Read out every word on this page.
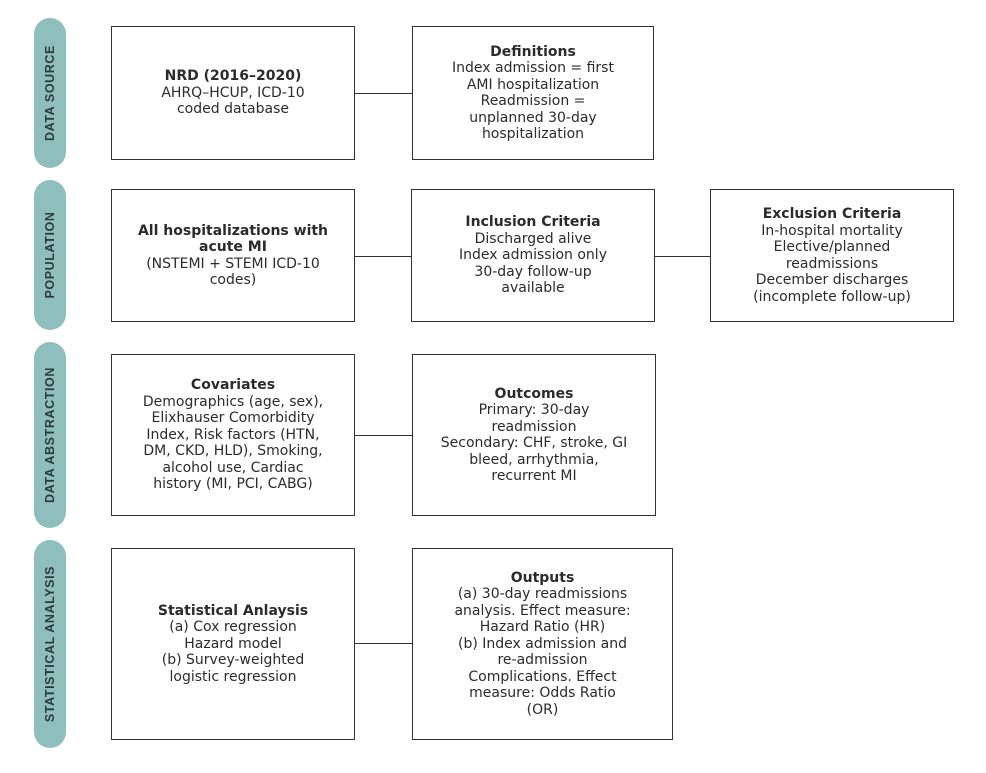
DATA SOURCE
POPULATION
DATA ABSTRACTION
STATISTICAL ANALYSIS
NRD (2016–2020)
AHRQ–HCUP, ICD-10
coded database
Definitions
Index admission = first
AMI hospitalization
Readmission =
unplanned 30-day
hospitalization
All hospitalizations with
acute MI
(NSTEMI + STEMI ICD-10
codes)
Inclusion Criteria
Discharged alive
Index admission only
30-day follow-up
available
Exclusion Criteria
In-hospital mortality
Elective/planned
readmissions
December discharges
(incomplete follow-up)
Covariates
Demographics (age, sex),
Elixhauser Comorbidity
Index, Risk factors (HTN,
DM, CKD, HLD), Smoking,
alcohol use, Cardiac
history (MI, PCI, CABG)
Outcomes
Primary: 30-day
readmission
Secondary: CHF, stroke, GI
bleed, arrhythmia,
recurrent MI
Statistical Anlaysis
(a) Cox regression
Hazard model
(b) Survey-weighted
logistic regression
Outputs
(a) 30-day readmissions
analysis. Effect measure:
Hazard Ratio (HR)
(b) Index admission and
re-admission
Complications. Effect
measure: Odds Ratio
(OR)
